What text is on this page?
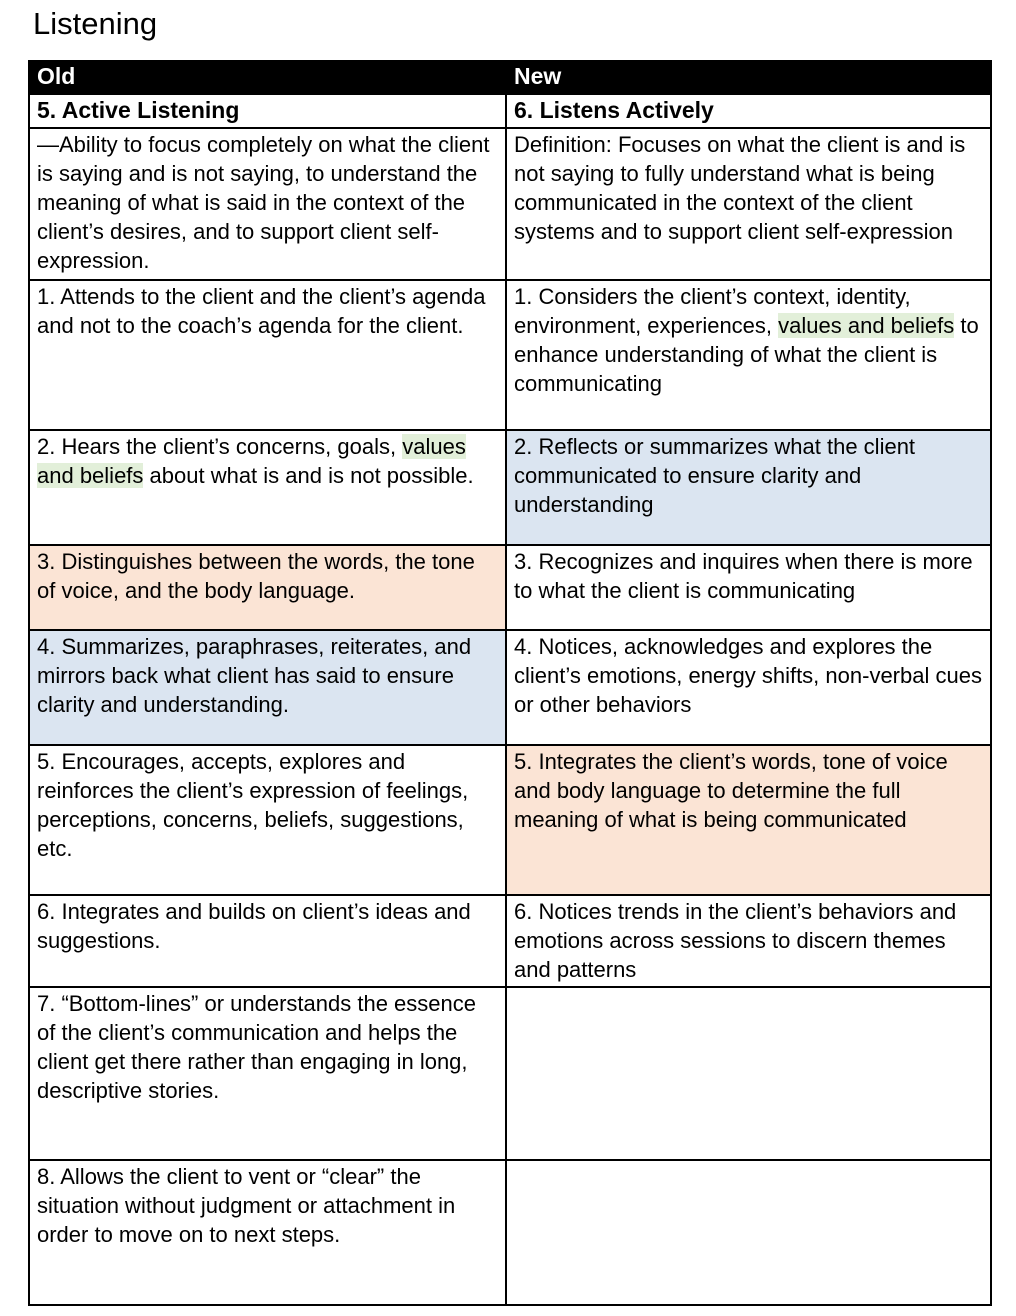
Listening
Old	New
5. Active Listening	6. Listens Actively
—Ability to focus completely on what the client is saying and is not saying, to understand the meaning of what is said in the context of the client’s desires, and to support client self-expression.	Definition: Focuses on what the client is and is not saying to fully understand what is being communicated in the context of the client systems and to support client self-expression
1. Attends to the client and the client’s agenda and not to the coach’s agenda for the client.	1. Considers the client’s context, identity, environment, experiences, values and beliefs to enhance understanding of what the client is communicating
2. Hears the client’s concerns, goals, values and beliefs about what is and is not possible.	2. Reflects or summarizes what the client communicated to ensure clarity and understanding
3. Distinguishes between the words, the tone of voice, and the body language.	3. Recognizes and inquires when there is more to what the client is communicating
4. Summarizes, paraphrases, reiterates, and mirrors back what client has said to ensure clarity and understanding.	4. Notices, acknowledges and explores the client’s emotions, energy shifts, non-verbal cues or other behaviors
5. Encourages, accepts, explores and reinforces the client’s expression of feelings, perceptions, concerns, beliefs, suggestions, etc.	5. Integrates the client’s words, tone of voice and body language to determine the full meaning of what is being communicated
6. Integrates and builds on client’s ideas and suggestions.	6. Notices trends in the client’s behaviors and emotions across sessions to discern themes and patterns
7. “Bottom-lines” or understands the essence of the client’s communication and helps the client get there rather than engaging in long, descriptive stories.	
8. Allows the client to vent or “clear” the situation without judgment or attachment in order to move on to next steps.	
